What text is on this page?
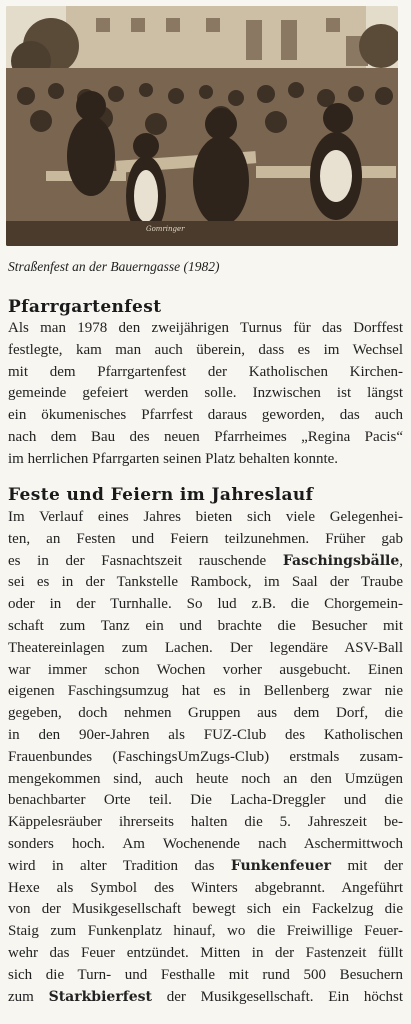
Gomringer
Straßenfest an der Bauerngasse (1982)
Pfarrgartenfest
Als man 1978 den zweijährigen Turnus für das Dorffest
festlegte, kam man auch überein, dass es im Wechsel
mit dem Pfarrgartenfest der Katholischen Kirchen-
gemeinde gefeiert werden solle. Inzwischen ist längst
ein ökumenisches Pfarrfest daraus geworden, das auch
nach dem Bau des neuen Pfarrheimes „Regina Pacis“
im herrlichen Pfarrgarten seinen Platz behalten konnte.
Feste und Feiern im Jahreslauf
Im Verlauf eines Jahres bieten sich viele Gelegenhei-
ten, an Festen und Feiern teilzunehmen. Früher gab
es in der Fasnachtszeit rauschende Faschingsbälle,
sei es in der Tankstelle Rambock, im Saal der Traube
oder in der Turnhalle. So lud z.B. die Chorgemein-
schaft zum Tanz ein und brachte die Besucher mit
Theatereinlagen zum Lachen. Der legendäre ASV-Ball
war immer schon Wochen vorher ausgebucht. Einen
eigenen Faschingsumzug hat es in Bellenberg zwar nie
gegeben, doch nehmen Gruppen aus dem Dorf, die
in den 90er-Jahren als FUZ-Club des Katholischen
Frauenbundes (FaschingsUmZugs-Club) erstmals zusam-
mengekommen sind, auch heute noch an den Umzügen
benachbarter Orte teil. Die Lacha-Dreggler und die
Käppelesräuber ihrerseits halten die 5. Jahreszeit be-
sonders hoch. Am Wochenende nach Aschermittwoch
wird in alter Tradition das Funkenfeuer mit der
Hexe als Symbol des Winters abgebrannt. Angeführt
von der Musikgesellschaft bewegt sich ein Fackelzug die
Staig zum Funkenplatz hinauf, wo die Freiwillige Feuer-
wehr das Feuer entzündet. Mitten in der Fastenzeit füllt
sich die Turn- und Festhalle mit rund 500 Besuchern
zum Starkbierfest der Musikgesellschaft. Ein höchst
